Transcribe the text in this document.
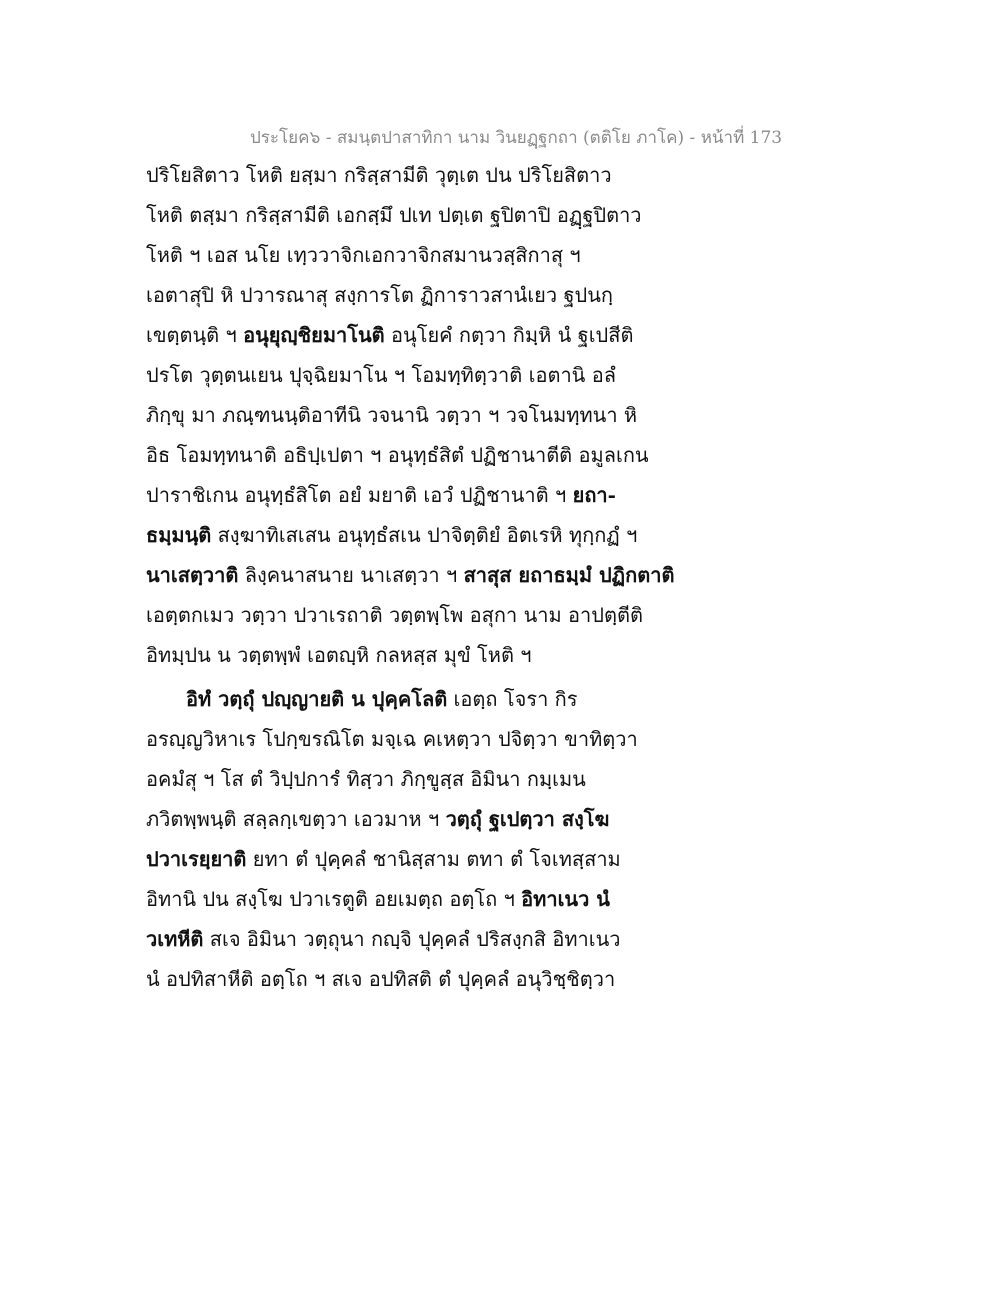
ประโยค๖ - สมนฺตปาสาทิกา นาม วินยฏฺฐกถา (ตติโย ภาโค) - หน้าที่ 173
ปริโยสิตาว โหติ ยสฺมา กริสฺสามีติ วุตฺเต ปน ปริโยสิตาว
โหติ ตสฺมา กริสฺสามีติ เอกสฺมึ ปเท ปตฺเต ฐปิตาปิ อฏฺฐปิตาว
โหติ ฯ เอส นโย เทฺววาจิกเอกวาจิกสมานวสฺสิกาสุ ฯ
เอตาสุปิ หิ ปวารณาสุ สงฺการโต ฏิการาวสานํเยว ฐปนกฺ
เขตฺตนฺติ ฯ อนุยุญฺชิยมาโนติ อนุโยคํ กตฺวา กิมฺหิ นํ ฐเปสีติ
ปรโต วุตฺตนเยน ปุจฺฉิยมาโน ฯ โอมทฺทิตฺวาติ เอตานิ อลํ
ภิกฺขุ มา ภณฺฑนนฺติอาทีนิ วจนานิ วตฺวา ฯ วจโนมทฺทนา หิ
อิธ โอมทฺทนาติ อธิปฺเปตา ฯ อนุทฺธํสิตํ ปฏิชานาตีติ อมูลเกน
ปาราชิเกน อนุทฺธํสิโต อยํ มยาติ เอวํ ปฏิชานาติ ฯ ยถา-
ธมฺมนฺติ สงฺฆาทิเสเสน อนุทฺธํสเน ปาจิตฺติยํ อิตเรหิ ทุกฺกฏํ ฯ
นาเสตฺวาติ ลิงฺคนาสนาย นาเสตฺวา ฯ สาสุส ยถาธมฺมํ ปฏิกตาติ
เอตฺตกเมว วตฺวา ปวาเรถาติ วตฺตพฺโพ อสุกา นาม อาปตฺตีติ
อิทมฺปน น วตฺตพฺพํ เอตญฺหิ กลหสฺส มุขํ โหติ ฯ
อิทํ วตฺถุํ ปญฺญายติ น ปุคฺคโลติ เอตฺถ โจรา กิร
อรญฺญวิหาเร โปกฺขรณิโต มจฺเฉ คเหตฺวา ปจิตฺวา ขาทิตฺวา
อคมํสุ ฯ โส ตํ วิปฺปการํ ทิสฺวา ภิกฺขูสฺส อิมินา กมฺเมน
ภวิตพฺพนฺติ สลฺลกฺเขตฺวา เอวมาห ฯ วตฺถุํ ฐเปตฺวา สงฺโฆ
ปวาเรยฺยาติ ยทา ตํ ปุคฺคลํ ชานิสฺสาม ตทา ตํ โจเทสฺสาม
อิทานิ ปน สงฺโฆ ปวาเรตูติ อยเมตฺถ อตฺโถ ฯ อิทาเนว นํ
วเทหีติ สเจ อิมินา วตฺถุนา กญฺจิ ปุคฺคลํ ปริสงฺกสิ อิทาเนว
นํ อปทิสาหีติ อตฺโถ ฯ สเจ อปทิสติ ตํ ปุคฺคลํ อนุวิชฺชิตฺวา
